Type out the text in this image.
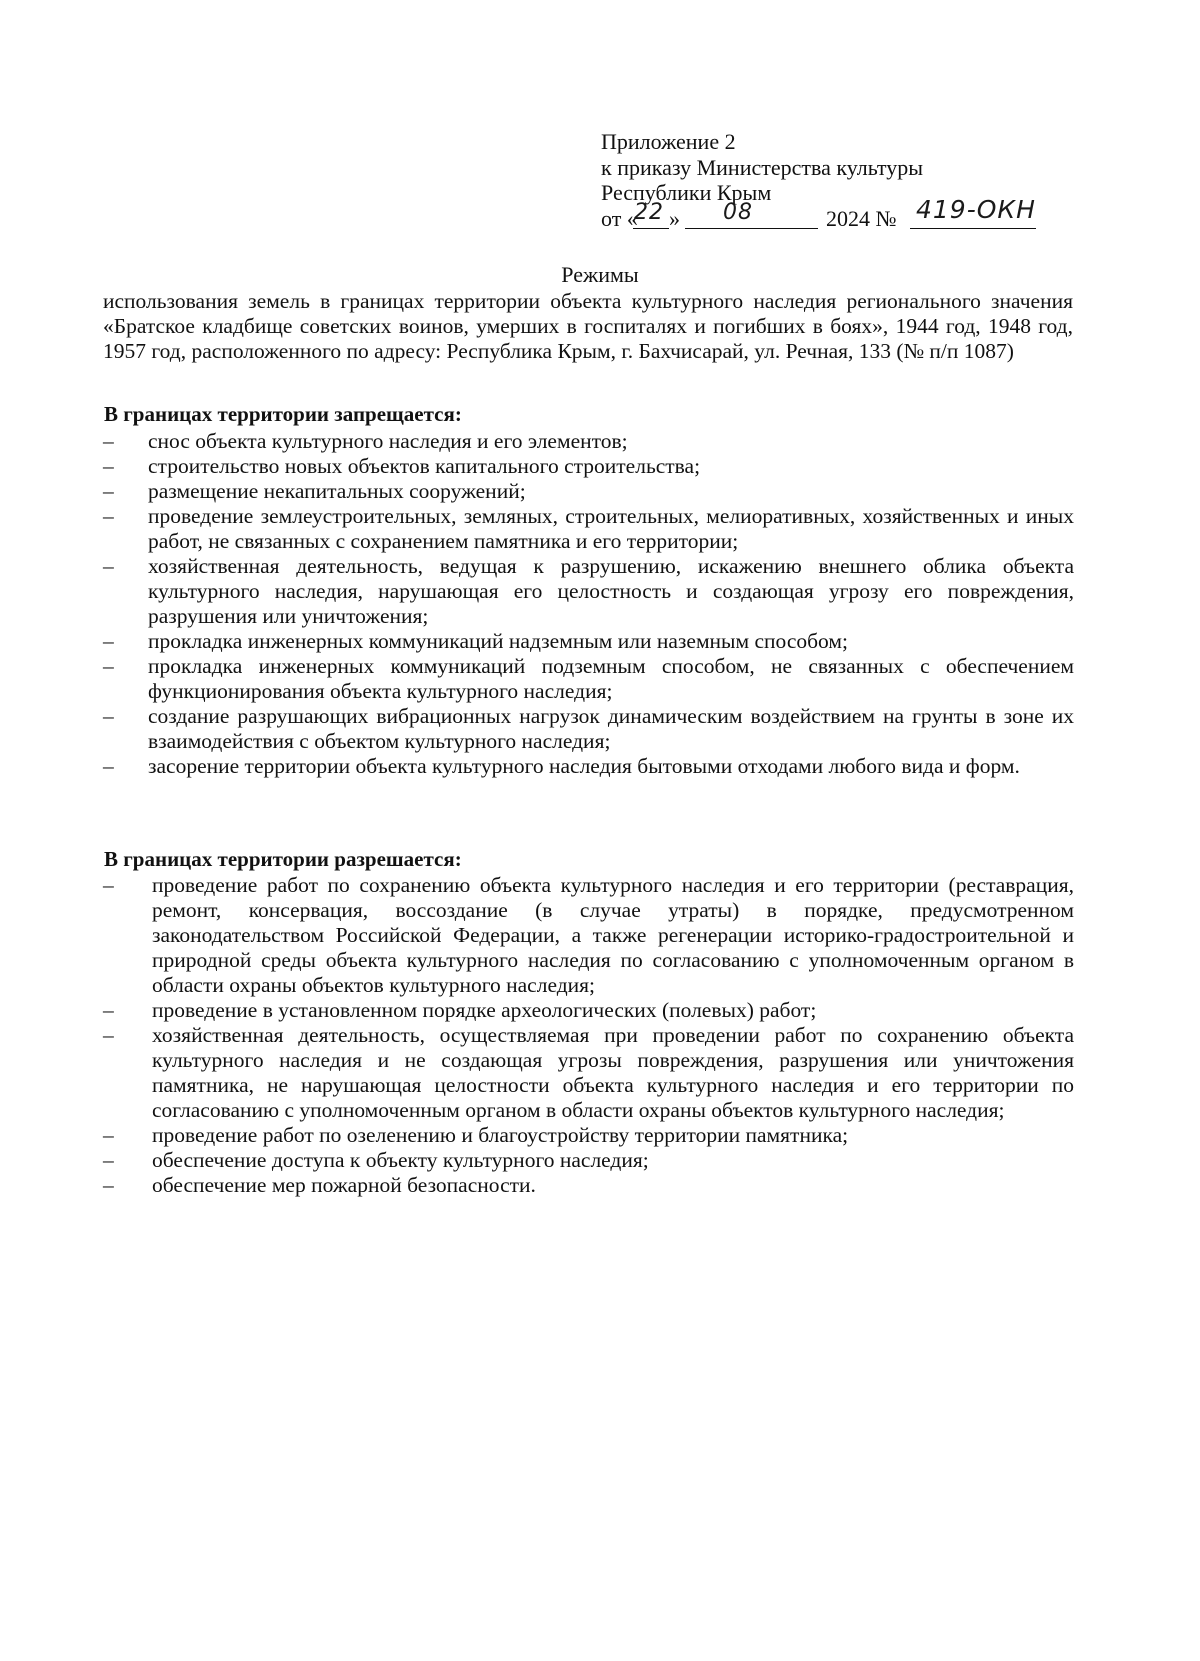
Приложение 2
к приказу Министерства культуры
Республики Крым
от «
22 » 08	2024 № 419-ОКН
Режимы
использования земель в границах территории объекта культурного наследия регионального значения «Братское кладбище советских воинов, умерших в госпиталях и погибших в боях», 1944 год, 1948 год, 1957 год, расположенного по адресу: Республика Крым, г. Бахчисарай, ул. Речная, 133 (№ п/п 1087)
В границах территории запрещается:
– снос объекта культурного наследия и его элементов;
– строительство новых объектов капитального строительства;
– размещение некапитальных сооружений;
– проведение землеустроительных, земляных, строительных, мелиоративных, хозяйственных и иных работ, не связанных с сохранением памятника и его территории;
– хозяйственная деятельность, ведущая к разрушению, искажению внешнего облика объекта культурного наследия, нарушающая его целостность и создающая угрозу его повреждения, разрушения или уничтожения;
– прокладка инженерных коммуникаций надземным или наземным способом;
– прокладка инженерных коммуникаций подземным способом, не связанных с обеспечением функционирования объекта культурного наследия;
– создание разрушающих вибрационных нагрузок динамическим воздействием на грунты в зоне их взаимодействия с объектом культурного наследия;
– засорение территории объекта культурного наследия бытовыми отходами любого вида и форм.
В границах территории разрешается:
– проведение работ по сохранению объекта культурного наследия и его территории (реставрация, ремонт, консервация, воссоздание (в случае утраты) в порядке, предусмотренном законодательством Российской Федерации, а также регенерации историко-градостроительной и природной среды объекта культурного наследия по согласованию с уполномоченным органом в области охраны объектов культурного наследия;
– проведение в установленном порядке археологических (полевых) работ;
– хозяйственная деятельность, осуществляемая при проведении работ по сохранению объекта культурного наследия и не создающая угрозы повреждения, разрушения или уничтожения памятника, не нарушающая целостности объекта культурного наследия и его территории по согласованию с уполномоченным органом в области охраны объектов культурного наследия;
– проведение работ по озеленению и благоустройству территории памятника;
– обеспечение доступа к объекту культурного наследия;
– обеспечение мер пожарной безопасности.
